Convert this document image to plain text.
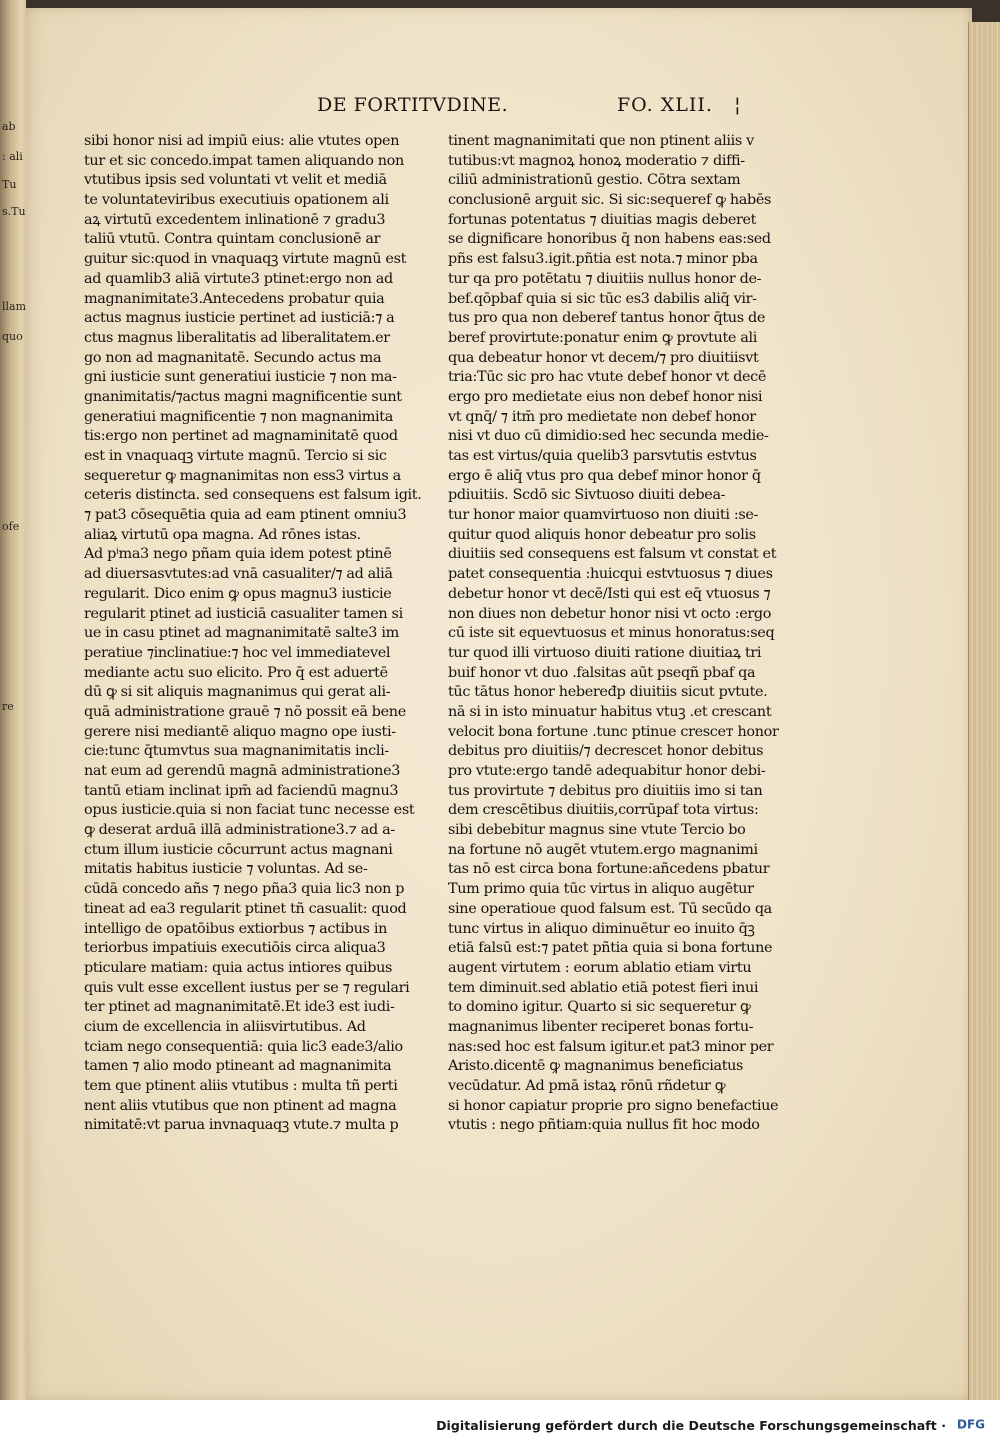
ab
: ali
Tu
s.Tu
llam
quo
ofe
re
DE FORTITVDINE.	FO. XLII. ¦
sibi honor nisi ad impiū eius: alie vtutes open
tur et sic concedo.impat tamen aliquando non
vtutibus ipsis sed voluntati vt velit et mediā
te voluntateviribus executiuis opationem ali
aꝝ virtutū excedentem inlinationē ⁊ gradu3
taliū vtutū. Contra quintam conclusionē ar
guitur sic:quod in vnaquaqꝫ virtute magnū est
ad quamlib3 aliā virtute3 ptinet:ergo non ad
magnanimitate3.Antecedens probatur quia
actus magnus iusticie pertinet ad iusticiā:⁊ a
ctus magnus liberalitatis ad liberalitatem.er
go non ad magnanitatē. Secundo actus ma
gni iusticie sunt generatiui iusticie ⁊ non ma-
gnanimitatis/⁊actus magni magnificentie sunt
generatiui magnificentie ⁊ non magnanimita
tis:ergo non pertinet ad magnaminitatē quod
est in vnaquaqꝫ virtute magnū. Tercio si sic
sequeretur ꝙ magnanimitas non ess3 virtus a
ceteris distincta. sed consequens est falsum igit.
⁊ pat3 cōsequētia quia ad eam ptinent omniu3
aliaꝝ virtutū opa magna. Ad rōnes istas.
Ad pⁱma3 nego pñam quia idem potest ptinē
ad diuersasvtutes:ad vnā casualiter/⁊ ad aliā
regularit. Dico enim ꝙ opus magnu3 iusticie
regularit ptinet ad iusticiā casualiter tamen si
ue in casu ptinet ad magnanimitatē salte3 im
peratiue ⁊inclinatiue:⁊ hoc vel immediatevel
mediante actu suo elicito. Pro q̄ est aduertē
dū ꝙ si sit aliquis magnanimus qui gerat ali-
quā administratione grauē ⁊ nō possit eā bene
gerere nisi mediantē aliquo magno ope iusti-
cie:tunc q̄tumvtus sua magnanimitatis incli-
nat eum ad gerendū magnā administratione3
tantū etiam inclinat ipm̄ ad faciendū magnu3
opus iusticie.quia si non faciat tunc necesse est
ꝙ deserat arduā illā administratione3.⁊ ad a-
ctum illum iusticie cōcurrunt actus magnani
mitatis habitus iusticie ⁊ voluntas. Ad se-
cūdā concedo añs ⁊ nego pña3 quia lic3 non p
tineat ad ea3 regularit ptinet tñ casualit: quod
intelligo de opatōibus extiorbus ⁊ actibus in
teriorbus impatiuis executiōis circa aliqua3
pticulare matiam: quia actus intiores quibus
quis vult esse excellent iustus per se ⁊ regulari
ter ptinet ad magnanimitatē.Et ide3 est iudi-
cium de excellencia in aliisvirtutibus. Ad
tciam nego consequentiā: quia lic3 eade3/alio
tamen ⁊ alio modo ptineant ad magnanimita
tem que ptinent aliis vtutibus : multa tñ perti
nent aliis vtutibus que non ptinent ad magna
nimitatē:vt parua invnaquaqꝫ vtute.⁊ multa p
tinent magnanimitati que non ptinent aliis v
tutibus:vt magnoꝝ honoꝝ moderatio ⁊ diffi-
ciliū administrationū gestio. Cōtra sextam
conclusionē arguit sic. Si sic:sequeref ꝙ habēs
fortunas potentatus ⁊ diuitias magis deberet
se dignificare honoribus q̄ non habens eas:sed
pñs est falsu3.igit.pñtia est nota.⁊ minor pba
tur qa pro potētatu ⁊ diuitiis nullus honor de-
bef.qōpbaf quia si sic tūc es3 dabilis aliq̄ vir-
tus pro qua non deberef tantus honor q̄tus de
beref provirtute:ponatur enim ꝙ provtute ali
qua debeatur honor vt decem/⁊ pro diuitiisvt
tria:Tūc sic pro hac vtute debef honor vt decē
ergo pro medietate eius non debef honor nisi
vt qnq̄/ ⁊ itm̄ pro medietate non debef honor
nisi vt duo cū dimidio:sed hec secunda medie-
tas est virtus/quia quelib3 parsvtutis estvtus
ergo ē aliq̄ vtus pro qua debef minor honor q̄
pdiuitiis. Scdō sic Sivtuoso diuiti debea-
tur honor maior quamvirtuoso non diuiti :se-
quitur quod aliquis honor debeatur pro solis
diuitiis sed consequens est falsum vt constat et
patet consequentia :huicqui estvtuosus ⁊ diues
debetur honor vt decē/Isti qui est eq̄ vtuosus ⁊
non diues non debetur honor nisi vt octo :ergo
cū iste sit equevtuosus et minus honoratus:seq
tur quod illi virtuoso diuiti ratione diuitiaꝝ tri
buif honor vt duo .falsitas aūt pseqñ pbaf qa
tūc tātus honor hebeređp diuitiis sicut pvtute.
nā si in isto minuatur habitus vtuꝫ .et crescant
velocit bona fortune .tunc ptinue cresceт honor
debitus pro diuitiis/⁊ decrescet honor debitus
pro vtute:ergo tandē adequabitur honor debi-
tus provirtute ⁊ debitus pro diuitiis imo si tan
dem crescētibus diuitiis,corrūpaf tota virtus:
sibi debebitur magnus sine vtute Tercio bo
na fortune nō augēt vtutem.ergo magnanimi
tas nō est circa bona fortune:añcedens pbatur
Tum primo quia tūc virtus in aliquo augētur
sine operatioue quod falsum est. Tū secūdo qa
tunc virtus in aliquo diminuētur eo inuito q̄ꝫ
etiā falsū est:⁊ patet pñtia quia si bona fortune
augent virtutem : eorum ablatio etiam virtu
tem diminuit.sed ablatio etiā potest fieri inui
to domino igitur. Quarto si sic sequeretur ꝙ
magnanimus libenter reciperet bonas fortu-
nas:sed hoc est falsum igitur.et pat3 minor per
Aristo.dicentē ꝙ magnanimus beneficiatus
vecūdatur. Ad pmā istaꝝ rōnū rñdetur ꝙ
si honor capiatur proprie pro signo benefactiue
vtutis : nego pñtiam:quia nullus fit hoc modo
Digitalisierung gefördert durch die Deutsche Forschungsgemeinschaft · DFG
